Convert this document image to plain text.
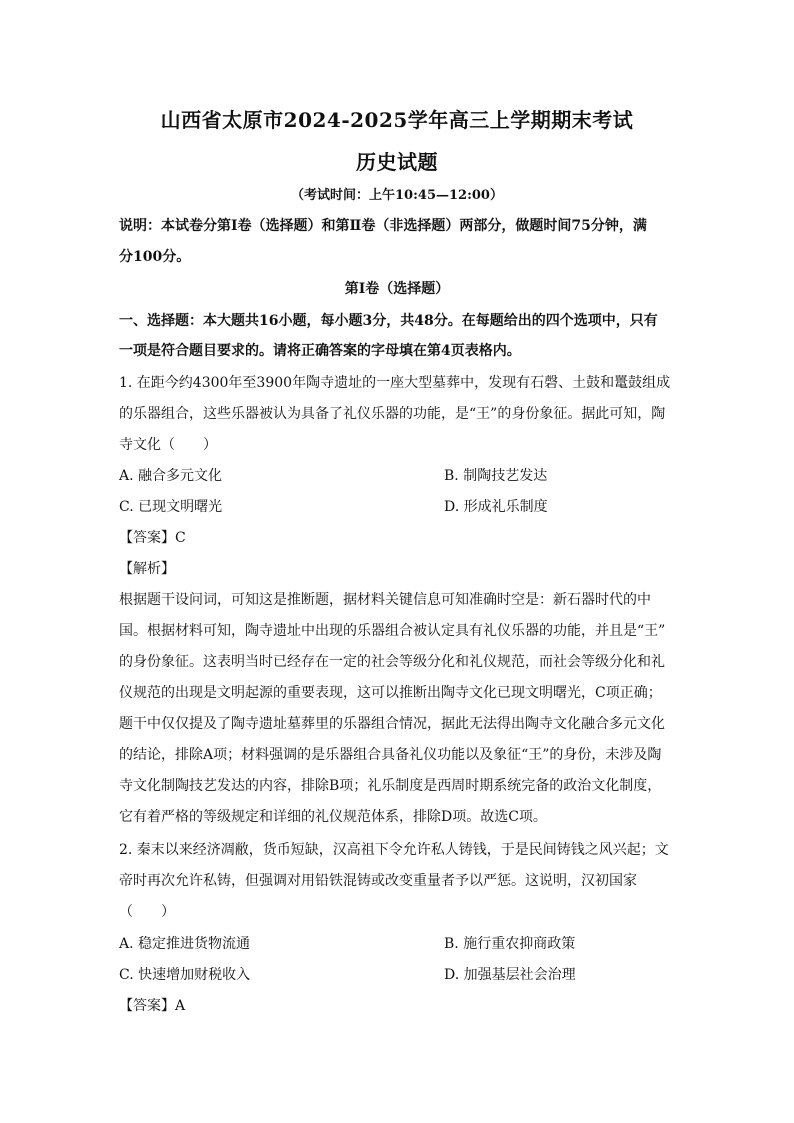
山西省太原市2024-2025学年高三上学期期末考试
历史试题
（考试时间：上午10:45—12:00）
说明：本试卷分第Ⅰ卷（选择题）和第Ⅱ卷（非选择题）两部分，做题时间75分钟，满
分100分。
第Ⅰ卷（选择题）
一、选择题：本大题共16小题，每小题3分，共48分。在每题给出的四个选项中，只有
一项是符合题目要求的。请将正确答案的字母填在第4页表格内。
1. 在距今约4300年至3900年陶寺遗址的一座大型墓葬中，发现有石磬、土鼓和鼍鼓组成
的乐器组合，这些乐器被认为具备了礼仪乐器的功能，是“王”的身份象征。据此可知，陶
寺文化（　　）
A. 融合多元文化	B. 制陶技艺发达
C. 已现文明曙光	D. 形成礼乐制度
【答案】C
【解析】
根据题干设问词，可知这是推断题，据材料关键信息可知准确时空是：新石器时代的中
国。根据材料可知，陶寺遗址中出现的乐器组合被认定具有礼仪乐器的功能，并且是“王”
的身份象征。这表明当时已经存在一定的社会等级分化和礼仪规范，而社会等级分化和礼
仪规范的出现是文明起源的重要表现，这可以推断出陶寺文化已现文明曙光，C项正确；
题干中仅仅提及了陶寺遗址墓葬里的乐器组合情况，据此无法得出陶寺文化融合多元文化
的结论，排除A项；材料强调的是乐器组合具备礼仪功能以及象征“王”的身份，未涉及陶
寺文化制陶技艺发达的内容，排除B项；礼乐制度是西周时期系统完备的政治文化制度，
它有着严格的等级规定和详细的礼仪规范体系，排除D项。故选C项。
2. 秦末以来经济凋敝，货币短缺，汉高祖下令允许私人铸钱，于是民间铸钱之风兴起；文
帝时再次允许私铸，但强调对用铅铁混铸或改变重量者予以严惩。这说明，汉初国家
（　　）
A. 稳定推进货物流通	B. 施行重农抑商政策
C. 快速增加财税收入	D. 加强基层社会治理
【答案】A
